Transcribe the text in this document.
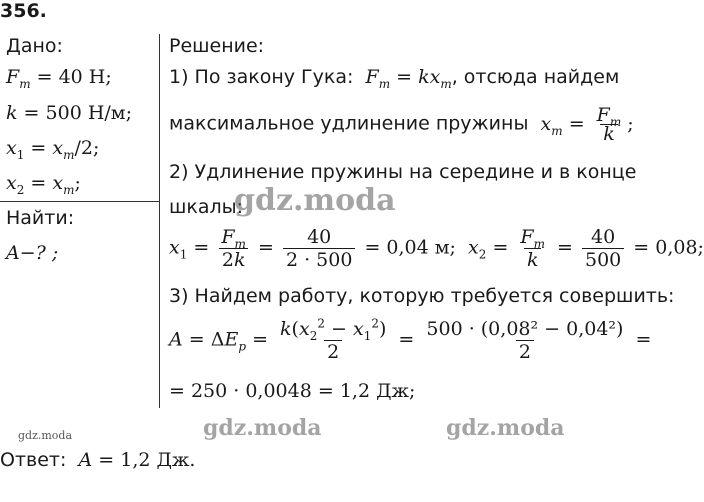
356.
Дано:
$F_m = 40$ Н;
k = 500 Н/м;
$x_1 = x_m/2$;
$x_2 = x_m$;
Найти:
A−? ;
Решение:
1) По закону Гука: $F_m = kx_m$, отсюда найдем
максимальное удлинение пружины $x_m = \frac{F_m}{k}$ ;
2) Удлинение пружины на середине и в конце
шкалы:
$x_1 = \frac{F_m}{2k} = \frac{40}{2 \cdot 500} = 0,04$ м; $x_2 = \frac{F_m}{k} = \frac{40}{500} = 0,08$;
3) Найдем работу, которую требуется совершить:
$A = \Delta E_p = \frac{k(x_2^2 - x_1^2)}{2} = \frac{\text{500 · (0,08² − 0,04²)}}{2}$ =
= 250 · 0,0048 = 1,2 Дж;
Ответ: A = 1,2 Дж.
gdz.moda
gdz.moda	gdz.moda	gdz.moda
